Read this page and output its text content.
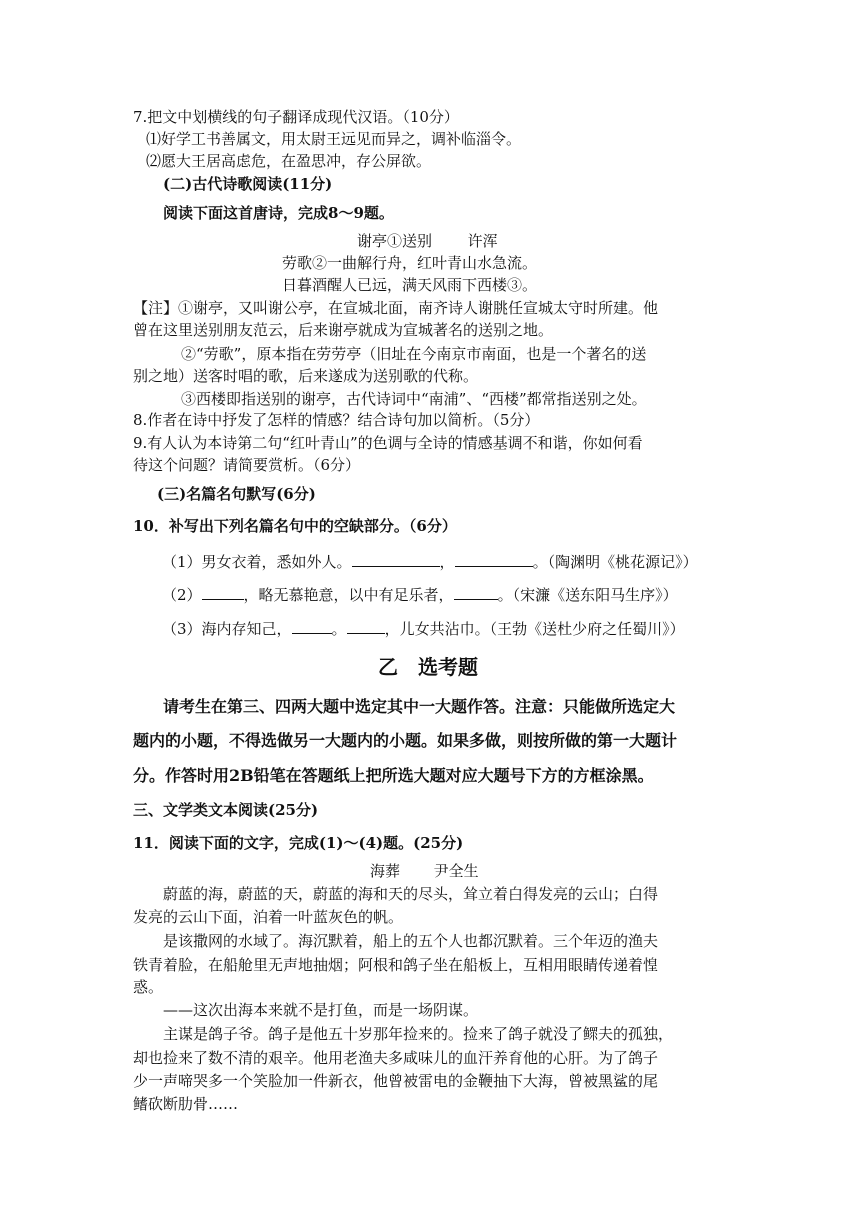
7.把文中划横线的句子翻译成现代汉语。（10分）
⑴好学工书善属文，用太尉王远见而异之，调补临淄令。
⑵愿大王居高虑危，在盈思冲，存公屏欲。
(二)古代诗歌阅读(11分)
阅读下面这首唐诗，完成8～9题。
谢亭①送别 许浑
劳歌②一曲解行舟，红叶青山水急流。
日暮酒醒人已远，满天风雨下西楼③。
【注】①谢亭，又叫谢公亭，在宣城北面，南齐诗人谢朓任宣城太守时所建。他
曾在这里送别朋友范云，后来谢亭就成为宣城著名的送别之地。
②“劳歌”，原本指在劳劳亭（旧址在今南京市南面，也是一个著名的送
别之地）送客时唱的歌，后来遂成为送别歌的代称。
③西楼即指送别的谢亭，古代诗词中“南浦”、“西楼”都常指送别之处。
8.作者在诗中抒发了怎样的情感？结合诗句加以简析。（5分）
9.有人认为本诗第二句“红叶青山”的色调与全诗的情感基调不和谐，你如何看
待这个问题？请简要赏析。（6分）
(三)名篇名句默写(6分)
10．补写出下列名篇名句中的空缺部分。（6分）
（1）男女衣着，悉如外人。	，	。（陶渊明《桃花源记》）
（2）	，略无慕艳意，以中有足乐者，	。（宋濂《送东阳马生序》）
（3）海内存知己，	。	，儿女共沾巾。（王勃《送杜少府之任蜀川》）
乙　选考题
请考生在第三、四两大题中选定其中一大题作答。注意：只能做所选定大
题内的小题，不得选做另一大题内的小题。如果多做，则按所做的第一大题计
分。作答时用2B铅笔在答题纸上把所选大题对应大题号下方的方框涂黑。
三、文学类文本阅读(25分)
11．阅读下面的文字，完成(1)～(4)题。(25分)
海葬 尹全生
蔚蓝的海，蔚蓝的天，蔚蓝的海和天的尽头，耸立着白得发亮的云山；白得
发亮的云山下面，泊着一叶蓝灰色的帆。
是该撒网的水域了。海沉默着，船上的五个人也都沉默着。三个年迈的渔夫
铁青着脸，在船舱里无声地抽烟；阿根和鸽子坐在船板上，互相用眼睛传递着惶
惑。
——这次出海本来就不是打鱼，而是一场阴谋。
主谋是鸽子爷。鸽子是他五十岁那年捡来的。捡来了鸽子就没了鳏夫的孤独，
却也捡来了数不清的艰辛。他用老渔夫多咸味儿的血汗养育他的心肝。为了鸽子
少一声啼哭多一个笑脸加一件新衣，他曾被雷电的金鞭抽下大海，曾被黑鲨的尾
鳍砍断肋骨……
